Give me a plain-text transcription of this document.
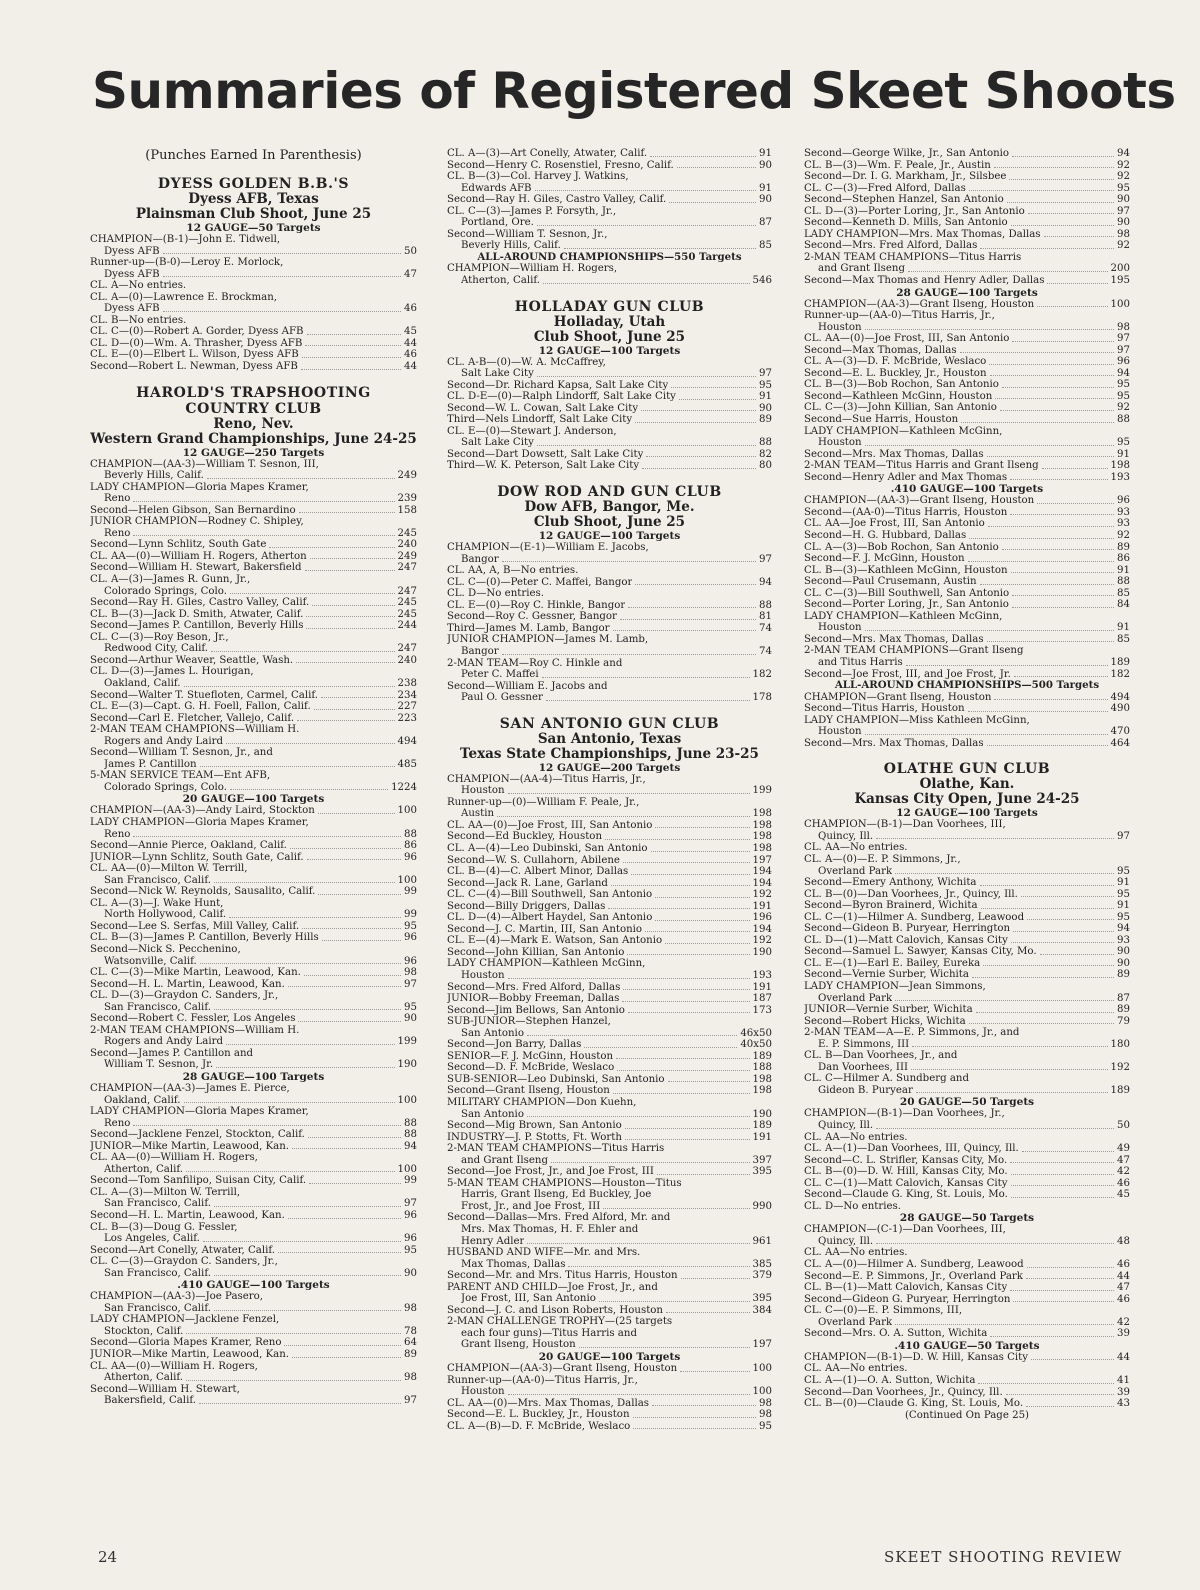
Summaries of Registered Skeet Shoots
(Punches Earned In Parenthesis)
DYESS GOLDEN B.B.'S
Dyess AFB, Texas
Plainsman Club Shoot, June 25
12 GAUGE—50 Targets
CHAMPION—(B-1)—John E. Tidwell,
Dyess AFB	50
Runner-up—(B-0)—Leroy E. Morlock,
Dyess AFB	47
CL. A—No entries.
CL. A—(0)—Lawrence E. Brockman,
Dyess AFB	46
CL. B—No entries.
CL. C—(0)—Robert A. Gorder, Dyess AFB	45
CL. D—(0)—Wm. A. Thrasher, Dyess AFB	44
CL. E—(0)—Elbert L. Wilson, Dyess AFB	46
Second—Robert L. Newman, Dyess AFB	44
HAROLD'S TRAPSHOOTING
COUNTRY CLUB
Reno, Nev.
Western Grand Championships, June 24-25
12 GAUGE—250 Targets
CHAMPION—(AA-3)—William T. Sesnon, III,
Beverly Hills, Calif.	249
LADY CHAMPION—Gloria Mapes Kramer,
Reno	239
Second—Helen Gibson, San Bernardino	158
JUNIOR CHAMPION—Rodney C. Shipley,
Reno	245
Second—Lynn Schlitz, South Gate	240
CL. AA—(0)—William H. Rogers, Atherton	249
Second—William H. Stewart, Bakersfield	247
CL. A—(3)—James R. Gunn, Jr.,
Colorado Springs, Colo.	247
Second—Ray H. Giles, Castro Valley, Calif.	245
CL. B—(3)—Jack D. Smith, Atwater, Calif.	245
Second—James P. Cantillon, Beverly Hills	244
CL. C—(3)—Roy Beson, Jr.,
Redwood City, Calif.	247
Second—Arthur Weaver, Seattle, Wash.	240
CL. D—(3)—James L. Hourigan,
Oakland, Calif.	238
Second—Walter T. Stuefloten, Carmel, Calif.	234
CL. E—(3)—Capt. G. H. Foell, Fallon, Calif.	227
Second—Carl E. Fletcher, Vallejo, Calif.	223
2-MAN TEAM CHAMPIONS—William H.
Rogers and Andy Laird	494
Second—William T. Sesnon, Jr., and
James P. Cantillon	485
5-MAN SERVICE TEAM—Ent AFB,
Colorado Springs, Colo.	1224
20 GAUGE—100 Targets
CHAMPION—(AA-3)—Andy Laird, Stockton	100
LADY CHAMPION—Gloria Mapes Kramer,
Reno	88
Second—Annie Pierce, Oakland, Calif.	86
JUNIOR—Lynn Schlitz, South Gate, Calif.	96
CL. AA—(0)—Milton W. Terrill,
San Francisco, Calif.	100
Second—Nick W. Reynolds, Sausalito, Calif.	99
CL. A—(3)—J. Wake Hunt,
North Hollywood, Calif.	99
Second—Lee S. Serfas, Mill Valley, Calif.	95
CL. B—(3)—James P. Cantillon, Beverly Hills	96
Second—Nick S. Pecchenino,
Watsonville, Calif.	96
CL. C—(3)—Mike Martin, Leawood, Kan.	98
Second—H. L. Martin, Leawood, Kan.	97
CL. D—(3)—Graydon C. Sanders, Jr.,
San Francisco, Calif.	95
Second—Robert C. Fessler, Los Angeles	90
2-MAN TEAM CHAMPIONS—William H.
Rogers and Andy Laird	199
Second—James P. Cantillon and
William T. Sesnon, Jr.	190
28 GAUGE—100 Targets
CHAMPION—(AA-3)—James E. Pierce,
Oakland, Calif.	100
LADY CHAMPION—Gloria Mapes Kramer,
Reno	88
Second—Jacklene Fenzel, Stockton, Calif.	88
JUNIOR—Mike Martin, Leawood, Kan.	94
CL. AA—(0)—William H. Rogers,
Atherton, Calif.	100
Second—Tom Sanfilipo, Suisan City, Calif.	99
CL. A—(3)—Milton W. Terrill,
San Francisco, Calif.	97
Second—H. L. Martin, Leawood, Kan.	96
CL. B—(3)—Doug G. Fessler,
Los Angeles, Calif.	96
Second—Art Conelly, Atwater, Calif.	95
CL. C—(3)—Graydon C. Sanders, Jr.,
San Francisco, Calif.	90
.410 GAUGE—100 Targets
CHAMPION—(AA-3)—Joe Pasero,
San Francisco, Calif.	98
LADY CHAMPION—Jacklene Fenzel,
Stockton, Calif.	78
Second—Gloria Mapes Kramer, Reno	64
JUNIOR—Mike Martin, Leawood, Kan.	89
CL. AA—(0)—William H. Rogers,
Atherton, Calif.	98
Second—William H. Stewart,
Bakersfield, Calif.	97
CL. A—(3)—Art Conelly, Atwater, Calif.	91
Second—Henry C. Rosenstiel, Fresno, Calif.	90
CL. B—(3)—Col. Harvey J. Watkins,
Edwards AFB	91
Second—Ray H. Giles, Castro Valley, Calif.	90
CL. C—(3)—James P. Forsyth, Jr.,
Portland, Ore.	87
Second—William T. Sesnon, Jr.,
Beverly Hills, Calif.	85
ALL-AROUND CHAMPIONSHIPS—550 Targets
CHAMPION—William H. Rogers,
Atherton, Calif.	546
HOLLADAY GUN CLUB
Holladay, Utah
Club Shoot, June 25
12 GAUGE—100 Targets
CL. A-B—(0)—W. A. McCaffrey,
Salt Lake City	97
Second—Dr. Richard Kapsa, Salt Lake City	95
CL. D-E—(0)—Ralph Lindorff, Salt Lake City	91
Second—W. L. Cowan, Salt Lake City	90
Third—Nels Lindorff, Salt Lake City	89
CL. E—(0)—Stewart J. Anderson,
Salt Lake City	88
Second—Dart Dowsett, Salt Lake City	82
Third—W. K. Peterson, Salt Lake City	80
DOW ROD AND GUN CLUB
Dow AFB, Bangor, Me.
Club Shoot, June 25
12 GAUGE—100 Targets
CHAMPION—(E-1)—William E. Jacobs,
Bangor	97
CL. AA, A, B—No entries.
CL. C—(0)—Peter C. Maffei, Bangor	94
CL. D—No entries.
CL. E—(0)—Roy C. Hinkle, Bangor	88
Second—Roy C. Gessner, Bangor	81
Third—James M. Lamb, Bangor	74
JUNIOR CHAMPION—James M. Lamb,
Bangor	74
2-MAN TEAM—Roy C. Hinkle and
Peter C. Maffei	182
Second—William E. Jacobs and
Paul O. Gessner	178
SAN ANTONIO GUN CLUB
San Antonio, Texas
Texas State Championships, June 23-25
12 GAUGE—200 Targets
CHAMPION—(AA-4)—Titus Harris, Jr.,
Houston	199
Runner-up—(0)—William F. Peale, Jr.,
Austin	198
CL. AA—(0)—Joe Frost, III, San Antonio	198
Second—Ed Buckley, Houston	198
CL. A—(4)—Leo Dubinski, San Antonio	198
Second—W. S. Cullahorn, Abilene	197
CL. B—(4)—C. Albert Minor, Dallas	194
Second—Jack R. Lane, Garland	194
CL. C—(4)—Bill Southwell, San Antonio	192
Second—Billy Driggers, Dallas	191
CL. D—(4)—Albert Haydel, San Antonio	196
Second—J. C. Martin, III, San Antonio	194
CL. E—(4)—Mark E. Watson, San Antonio	192
Second—John Killian, San Antonio	190
LADY CHAMPION—Kathleen McGinn,
Houston	193
Second—Mrs. Fred Alford, Dallas	191
JUNIOR—Bobby Freeman, Dallas	187
Second—Jim Bellows, San Antonio	173
SUB-JUNIOR—Stephen Hanzel,
San Antonio	46x50
Second—Jon Barry, Dallas	40x50
SENIOR—F. J. McGinn, Houston	189
Second—D. F. McBride, Weslaco	188
SUB-SENIOR—Leo Dubinski, San Antonio	198
Second—Grant Ilseng, Houston	198
MILITARY CHAMPION—Don Kuehn,
San Antonio	190
Second—Mig Brown, San Antonio	189
INDUSTRY—J. P. Stotts, Ft. Worth	191
2-MAN TEAM CHAMPIONS—Titus Harris
and Grant Ilseng	397
Second—Joe Frost, Jr., and Joe Frost, III	395
5-MAN TEAM CHAMPIONS—Houston—Titus
Harris, Grant Ilseng, Ed Buckley, Joe
Frost, Jr., and Joe Frost, III	990
Second—Dallas—Mrs. Fred Alford, Mr. and
Mrs. Max Thomas, H. F. Ehler and
Henry Adler	961
HUSBAND AND WIFE—Mr. and Mrs.
Max Thomas, Dallas	385
Second—Mr. and Mrs. Titus Harris, Houston	379
PARENT AND CHILD—Joe Frost, Jr., and
Joe Frost, III, San Antonio	395
Second—J. C. and Lison Roberts, Houston	384
2-MAN CHALLENGE TROPHY—(25 targets
each four guns)—Titus Harris and
Grant Ilseng, Houston	197
20 GAUGE—100 Targets
CHAMPION—(AA-3)—Grant Ilseng, Houston	100
Runner-up—(AA-0)—Titus Harris, Jr.,
Houston	100
CL. AA—(0)—Mrs. Max Thomas, Dallas	98
Second—E. L. Buckley, Jr., Houston	98
CL. A—(B)—D. F. McBride, Weslaco	95
Second—George Wilke, Jr., San Antonio	94
CL. B—(3)—Wm. F. Peale, Jr., Austin	92
Second—Dr. I. G. Markham, Jr., Silsbee	92
CL. C—(3)—Fred Alford, Dallas	95
Second—Stephen Hanzel, San Antonio	90
CL. D—(3)—Porter Loring, Jr., San Antonio	97
Second—Kenneth D. Mills, San Antonio	90
LADY CHAMPION—Mrs. Max Thomas, Dallas	98
Second—Mrs. Fred Alford, Dallas	92
2-MAN TEAM CHAMPIONS—Titus Harris
and Grant Ilseng	200
Second—Max Thomas and Henry Adler, Dallas	195
28 GAUGE—100 Targets
CHAMPION—(AA-3)—Grant Ilseng, Houston	100
Runner-up—(AA-0)—Titus Harris, Jr.,
Houston	98
CL. AA—(0)—Joe Frost, III, San Antonio	97
Second—Max Thomas, Dallas	97
CL. A—(3)—D. F. McBride, Weslaco	96
Second—E. L. Buckley, Jr., Houston	94
CL. B—(3)—Bob Rochon, San Antonio	95
Second—Kathleen McGinn, Houston	95
CL. C—(3)—John Killian, San Antonio	92
Second—Sue Harris, Houston	88
LADY CHAMPION—Kathleen McGinn,
Houston	95
Second—Mrs. Max Thomas, Dallas	91
2-MAN TEAM—Titus Harris and Grant Ilseng	198
Second—Henry Adler and Max Thomas	193
.410 GAUGE—100 Targets
CHAMPION—(AA-3)—Grant Ilseng, Houston	96
Second—(AA-0)—Titus Harris, Houston	93
CL. AA—Joe Frost, III, San Antonio	93
Second—H. G. Hubbard, Dallas	92
CL. A—(3)—Bob Rochon, San Antonio	89
Second—F. J. McGinn, Houston	86
CL. B—(3)—Kathleen McGinn, Houston	91
Second—Paul Crusemann, Austin	88
CL. C—(3)—Bill Southwell, San Antonio	85
Second—Porter Loring, Jr., San Antonio	84
LADY CHAMPION—Kathleen McGinn,
Houston	91
Second—Mrs. Max Thomas, Dallas	85
2-MAN TEAM CHAMPIONS—Grant Ilseng
and Titus Harris	189
Second—Joe Frost, III, and Joe Frost, Jr.	182
ALL-AROUND CHAMPIONSHIPS—500 Targets
CHAMPION—Grant Ilseng, Houston	494
Second—Titus Harris, Houston	490
LADY CHAMPION—Miss Kathleen McGinn,
Houston	470
Second—Mrs. Max Thomas, Dallas	464
OLATHE GUN CLUB
Olathe, Kan.
Kansas City Open, June 24-25
12 GAUGE—100 Targets
CHAMPION—(B-1)—Dan Voorhees, III,
Quincy, Ill.	97
CL. AA—No entries.
CL. A—(0)—E. P. Simmons, Jr.,
Overland Park	95
Second—Emery Anthony, Wichita	91
CL. B—(0)—Dan Voorhees, Jr., Quincy, Ill.	95
Second—Byron Brainerd, Wichita	91
CL. C—(1)—Hilmer A. Sundberg, Leawood	95
Second—Gideon B. Puryear, Herrington	94
CL. D—(1)—Matt Calovich, Kansas City	93
Second—Samuel L. Sawyer, Kansas City, Mo.	90
CL. E—(1)—Earl E. Bailey, Eureka	90
Second—Vernie Surber, Wichita	89
LADY CHAMPION—Jean Simmons,
Overland Park	87
JUNIOR—Vernie Surber, Wichita	89
Second—Robert Hicks, Wichita	79
2-MAN TEAM—A—E. P. Simmons, Jr., and
E. P. Simmons, III	180
CL. B—Dan Voorhees, Jr., and
Dan Voorhees, III	192
CL. C—Hilmer A. Sundberg and
Gideon B. Puryear	189
20 GAUGE—50 Targets
CHAMPION—(B-1)—Dan Voorhees, Jr.,
Quincy, Ill.	50
CL. AA—No entries.
CL. A—(1)—Dan Voorhees, III, Quincy, Ill.	49
Second—C. L. Strifler, Kansas City, Mo.	47
CL. B—(0)—D. W. Hill, Kansas City, Mo.	42
CL. C—(1)—Matt Calovich, Kansas City	46
Second—Claude G. King, St. Louis, Mo.	45
CL. D—No entries.
28 GAUGE—50 Targets
CHAMPION—(C-1)—Dan Voorhees, III,
Quincy, Ill.	48
CL. AA—No entries.
CL. A—(0)—Hilmer A. Sundberg, Leawood	46
Second—E. P. Simmons, Jr., Overland Park	44
CL. B—(1)—Matt Calovich, Kansas City	47
Second—Gideon G. Puryear, Herrington	46
CL. C—(0)—E. P. Simmons, III,
Overland Park	42
Second—Mrs. O. A. Sutton, Wichita	39
.410 GAUGE—50 Targets
CHAMPION—(B-1)—D. W. Hill, Kansas City	44
CL. AA—No entries.
CL. A—(1)—O. A. Sutton, Wichita	41
Second—Dan Voorhees, Jr., Quincy, Ill.	39
CL. B—(0)—Claude G. King, St. Louis, Mo.	43
(Continued On Page 25)
24	SKEET SHOOTING REVIEW
